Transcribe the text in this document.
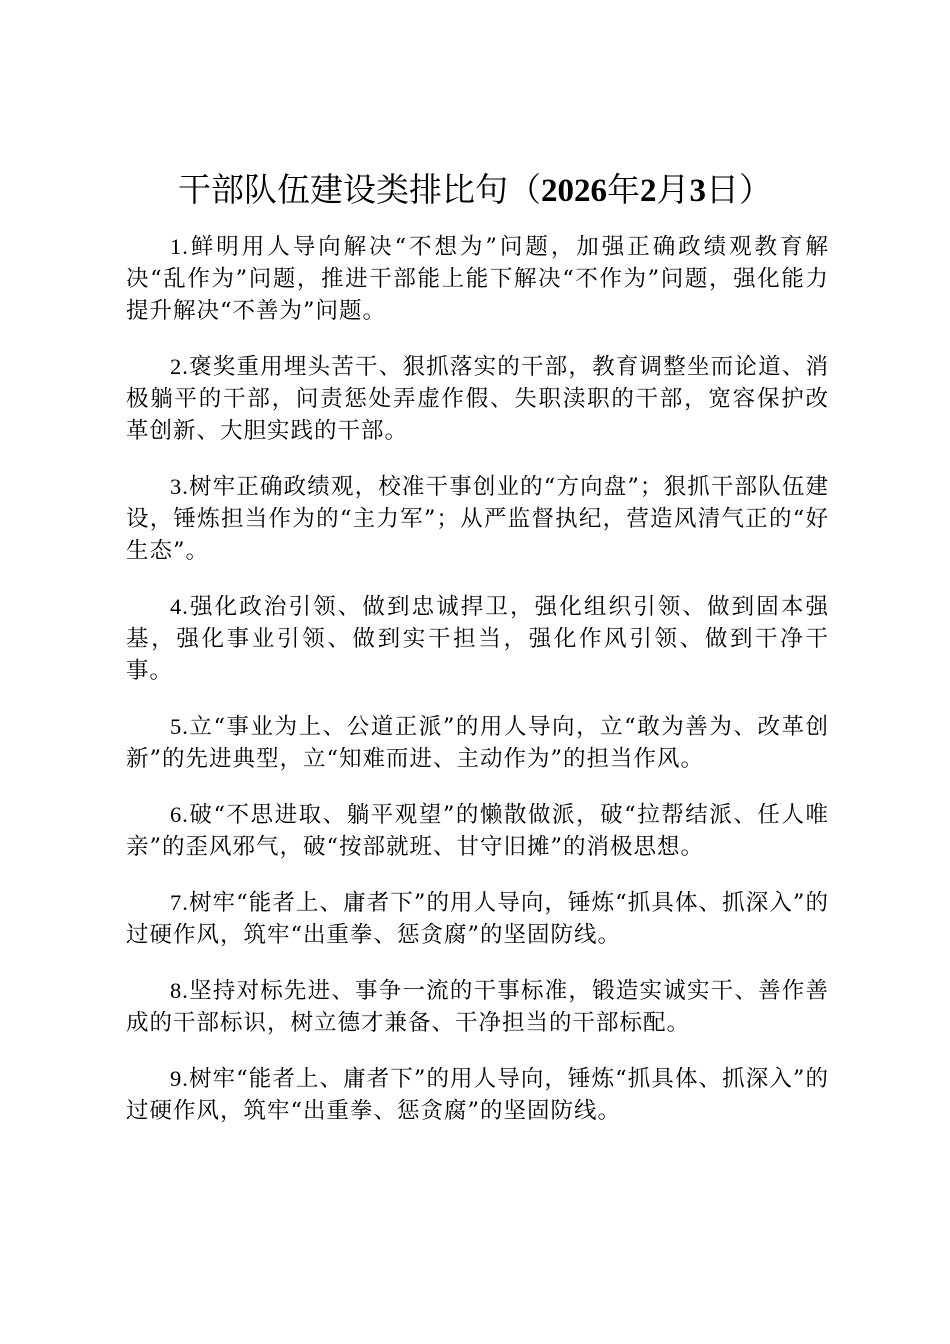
干部队伍建设类排比句（2026年2月3日）

1.鲜明用人导向解决“不想为”问题，加强正确政绩观教育解决“乱作为”问题，推进干部能上能下解决“不作为”问题，强化能力提升解决“不善为”问题。

2.褒奖重用埋头苦干、狠抓落实的干部，教育调整坐而论道、消极躺平的干部，问责惩处弄虚作假、失职渎职的干部，宽容保护改革创新、大胆实践的干部。

3.树牢正确政绩观，校准干事创业的“方向盘”；狠抓干部队伍建设，锤炼担当作为的“主力军”；从严监督执纪，营造风清气正的“好生态”。

4.强化政治引领、做到忠诚捍卫，强化组织引领、做到固本强基，强化事业引领、做到实干担当，强化作风引领、做到干净干事。

5.立“事业为上、公道正派”的用人导向，立“敢为善为、改革创新”的先进典型，立“知难而进、主动作为”的担当作风。

6.破“不思进取、躺平观望”的懒散做派，破“拉帮结派、任人唯亲”的歪风邪气，破“按部就班、甘守旧摊”的消极思想。

7.树牢“能者上、庸者下”的用人导向，锤炼“抓具体、抓深入”的过硬作风，筑牢“出重拳、惩贪腐”的坚固防线。

8.坚持对标先进、事争一流的干事标准，锻造实诚实干、善作善成的干部标识，树立德才兼备、干净担当的干部标配。

9.树牢“能者上、庸者下”的用人导向，锤炼“抓具体、抓深入”的过硬作风，筑牢“出重拳、惩贪腐”的坚固防线。
